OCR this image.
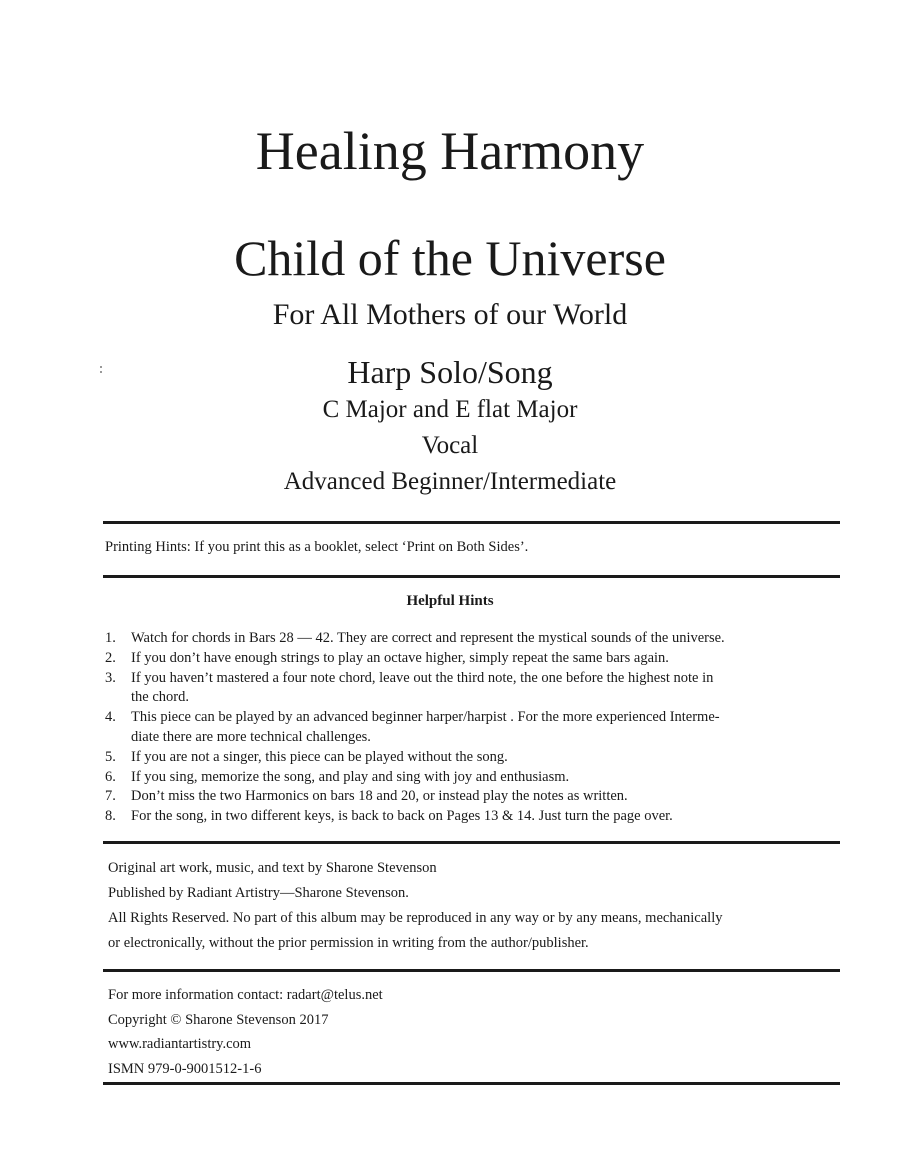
Healing Harmony
Child of the Universe
For All Mothers of our World
Harp Solo/Song
C Major and E flat Major
Vocal
Advanced Beginner/Intermediate
Printing Hints: If you print this as a booklet, select ‘Print on Both Sides’.
Helpful Hints
1. Watch for chords in Bars 28 — 42. They are correct and represent the mystical sounds of the universe.
2. If you don’t have enough strings to play an octave higher, simply repeat the same bars again.
3. If you haven’t mastered a four note chord, leave out the third note, the one before the highest note in
the chord.
4. This piece can be played by an advanced beginner harper/harpist . For the more experienced Interme-
diate there are more technical challenges.
5. If you are not a singer, this piece can be played without the song.
6. If you sing, memorize the song, and play and sing with joy and enthusiasm.
7. Don’t miss the two Harmonics on bars 18 and 20, or instead play the notes as written.
8. For the song, in two different keys, is back to back on Pages 13 & 14. Just turn the page over.
Original art work, music, and text by Sharone Stevenson
Published by Radiant Artistry—Sharone Stevenson.
All Rights Reserved. No part of this album may be reproduced in any way or by any means, mechanically
or electronically, without the prior permission in writing from the author/publisher.
For more information contact: radart@telus.net
Copyright © Sharone Stevenson 2017
www.radiantartistry.com
ISMN 979-0-9001512-1-6
